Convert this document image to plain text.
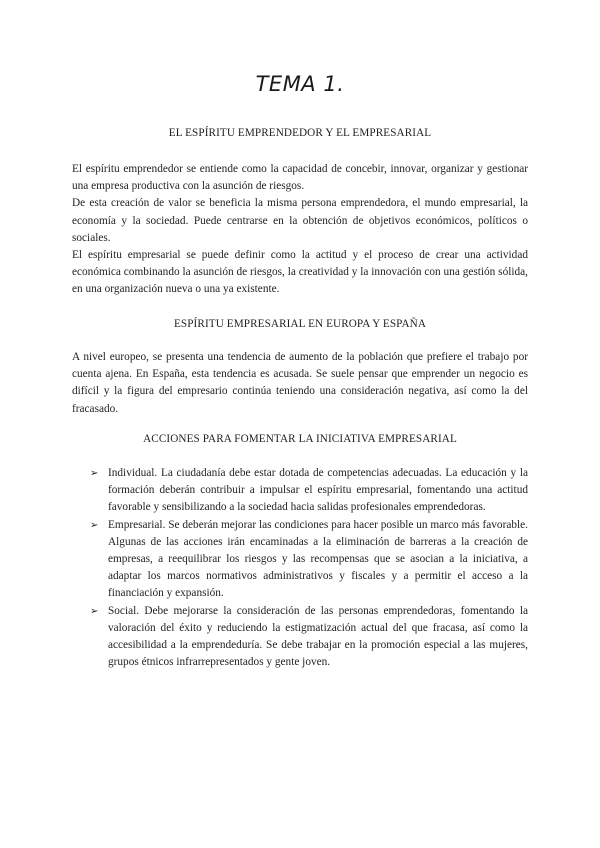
TEMA 1.
EL ESPÍRITU EMPRENDEDOR Y EL EMPRESARIAL

El espíritu emprendedor se entiende como la capacidad de concebir, innovar, organizar y gestionar una empresa productiva con la asunción de riesgos.

De esta creación de valor se beneficia la misma persona emprendedora, el mundo empresarial, la economía y la sociedad. Puede centrarse en la obtención de objetivos económicos, políticos o sociales.

El espíritu empresarial se puede definir como la actitud y el proceso de crear una actividad económica combinando la asunción de riesgos, la creatividad y la innovación con una gestión sólida, en una organización nueva o una ya existente.

ESPÍRITU EMPRESARIAL EN EUROPA Y ESPAÑA

A nivel europeo, se presenta una tendencia de aumento de la población que prefiere el trabajo por cuenta ajena. En España, esta tendencia es acusada. Se suele pensar que emprender un negocio es difícil y la figura del empresario continúa teniendo una consideración negativa, así como la del fracasado.

ACCIONES PARA FOMENTAR LA INICIATIVA EMPRESARIAL
➢ Individual. La ciudadanía debe estar dotada de competencias adecuadas. La educación y la formación deberán contribuir a impulsar el espíritu empresarial, fomentando una actitud favorable y sensibilizando a la sociedad hacia salidas profesionales emprendedoras.
➢ Empresarial. Se deberán mejorar las condiciones para hacer posible un marco más favorable. Algunas de las acciones irán encaminadas a la eliminación de barreras a la creación de empresas, a reequilibrar los riesgos y las recompensas que se asocian a la iniciativa, a adaptar los marcos normativos administrativos y fiscales y a permitir el acceso a la financiación y expansión.
➢ Social. Debe mejorarse la consideración de las personas emprendedoras, fomentando la valoración del éxito y reduciendo la estigmatización actual del que fracasa, así como la accesibilidad a la emprendeduría. Se debe trabajar en la promoción especial a las mujeres, grupos étnicos infrarrepresentados y gente joven.
